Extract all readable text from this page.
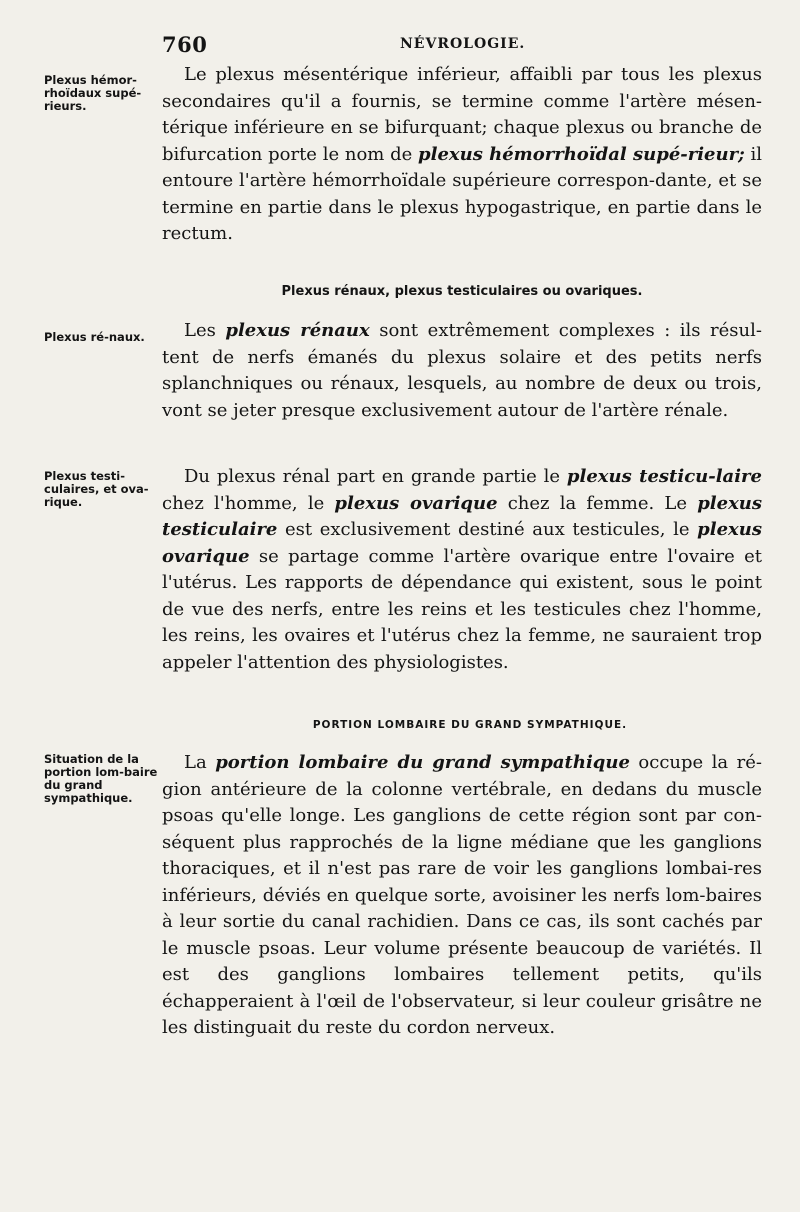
760	NÉVROLOGIE.
Plexus hémor-rhoïdaux supé-rieurs.
Plexus ré-naux.
Plexus testi-culaires, et ova-rique.
Situation de la portion lom-baire du grand sympathique.

Le plexus mésentérique inférieur, affaibli par tous les plexus secondaires qu'il a fournis, se termine comme l'artère mésen-térique inférieure en se bifurquant; chaque plexus ou branche de bifurcation porte le nom de plexus hémorrhoïdal supé-rieur; il entoure l'artère hémorrhoïdale supérieure correspon-dante, et se termine en partie dans le plexus hypogastrique, en partie dans le rectum.

Plexus rénaux, plexus testiculaires ou ovariques.

Les plexus rénaux sont extrêmement complexes : ils résul-tent de nerfs émanés du plexus solaire et des petits nerfs splanchniques ou rénaux, lesquels, au nombre de deux ou trois, vont se jeter presque exclusivement autour de l'artère rénale.

Du plexus rénal part en grande partie le plexus testicu-laire chez l'homme, le plexus ovarique chez la femme. Le plexus testiculaire est exclusivement destiné aux testicules, le plexus ovarique se partage comme l'artère ovarique entre l'ovaire et l'utérus. Les rapports de dépendance qui existent, sous le point de vue des nerfs, entre les reins et les testicules chez l'homme, les reins, les ovaires et l'utérus chez la femme, ne sauraient trop appeler l'attention des physiologistes.

PORTION LOMBAIRE DU GRAND SYMPATHIQUE.

La portion lombaire du grand sympathique occupe la ré-gion antérieure de la colonne vertébrale, en dedans du muscle psoas qu'elle longe. Les ganglions de cette région sont par con-séquent plus rapprochés de la ligne médiane que les ganglions thoraciques, et il n'est pas rare de voir les ganglions lombai-res inférieurs, déviés en quelque sorte, avoisiner les nerfs lom-baires à leur sortie du canal rachidien. Dans ce cas, ils sont cachés par le muscle psoas. Leur volume présente beaucoup de variétés. Il est des ganglions lombaires tellement petits, qu'ils échapperaient à l'œil de l'observateur, si leur couleur grisâtre ne les distinguait du reste du cordon nerveux.
